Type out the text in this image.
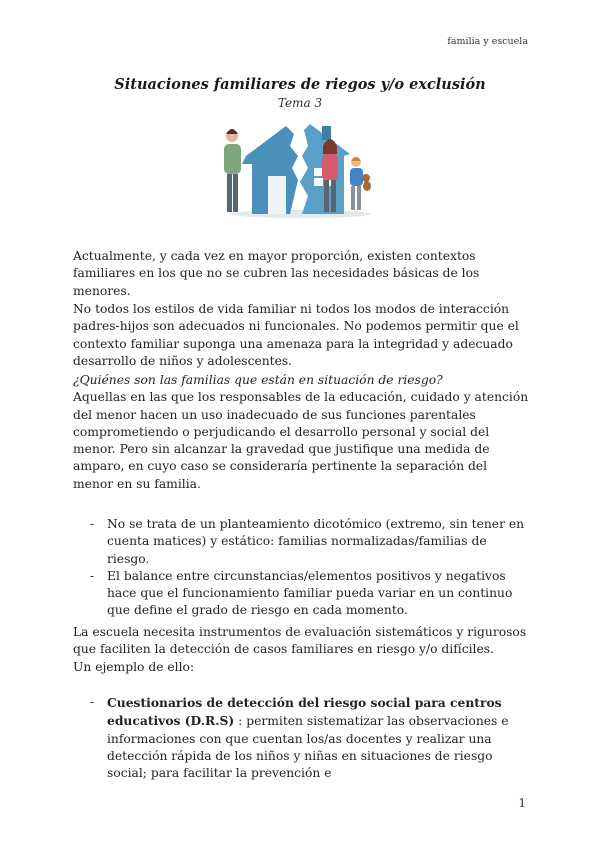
familia y escuela
Situaciones familiares de riegos y/o exclusión
Tema 3
Actualmente, y cada vez en mayor proporción, existen contextos familiares en los que no se cubren las necesidades básicas de los menores.
No todos los estilos de vida familiar ni todos los modos de interacción padres-hijos son adecuados ni funcionales. No podemos permitir que el contexto familiar suponga una amenaza para la integridad y adecuado desarrollo de niños y adolescentes.
¿Quiénes son las familias que están en situación de riesgo?
Aquellas en las que los responsables de la educación, cuidado y atención del menor hacen un uso inadecuado de sus funciones parentales comprometiendo o perjudicando el desarrollo personal y social del menor. Pero sin alcanzar la gravedad que justifique una medida de amparo, en cuyo caso se consideraría pertinente la separación del menor en su familia.
-	No se trata de un planteamiento dicotómico (extremo, sin tener en cuenta matices) y estático: familias normalizadas/familias de riesgo.
-	El balance entre circunstancias/elementos positivos y negativos hace que el funcionamiento familiar pueda variar en un continuo que define el grado de riesgo en cada momento.
La escuela necesita instrumentos de evaluación sistemáticos y rigurosos que faciliten la detección de casos familiares en riesgo y/o difíciles.
Un ejemplo de ello:
-	Cuestionarios de detección del riesgo social para centros educativos (D.R.S) : permiten sistematizar las observaciones e informaciones con que cuentan los/as docentes y realizar una detección rápida de los niños y niñas en situaciones de riesgo social; para facilitar la prevención e
1
